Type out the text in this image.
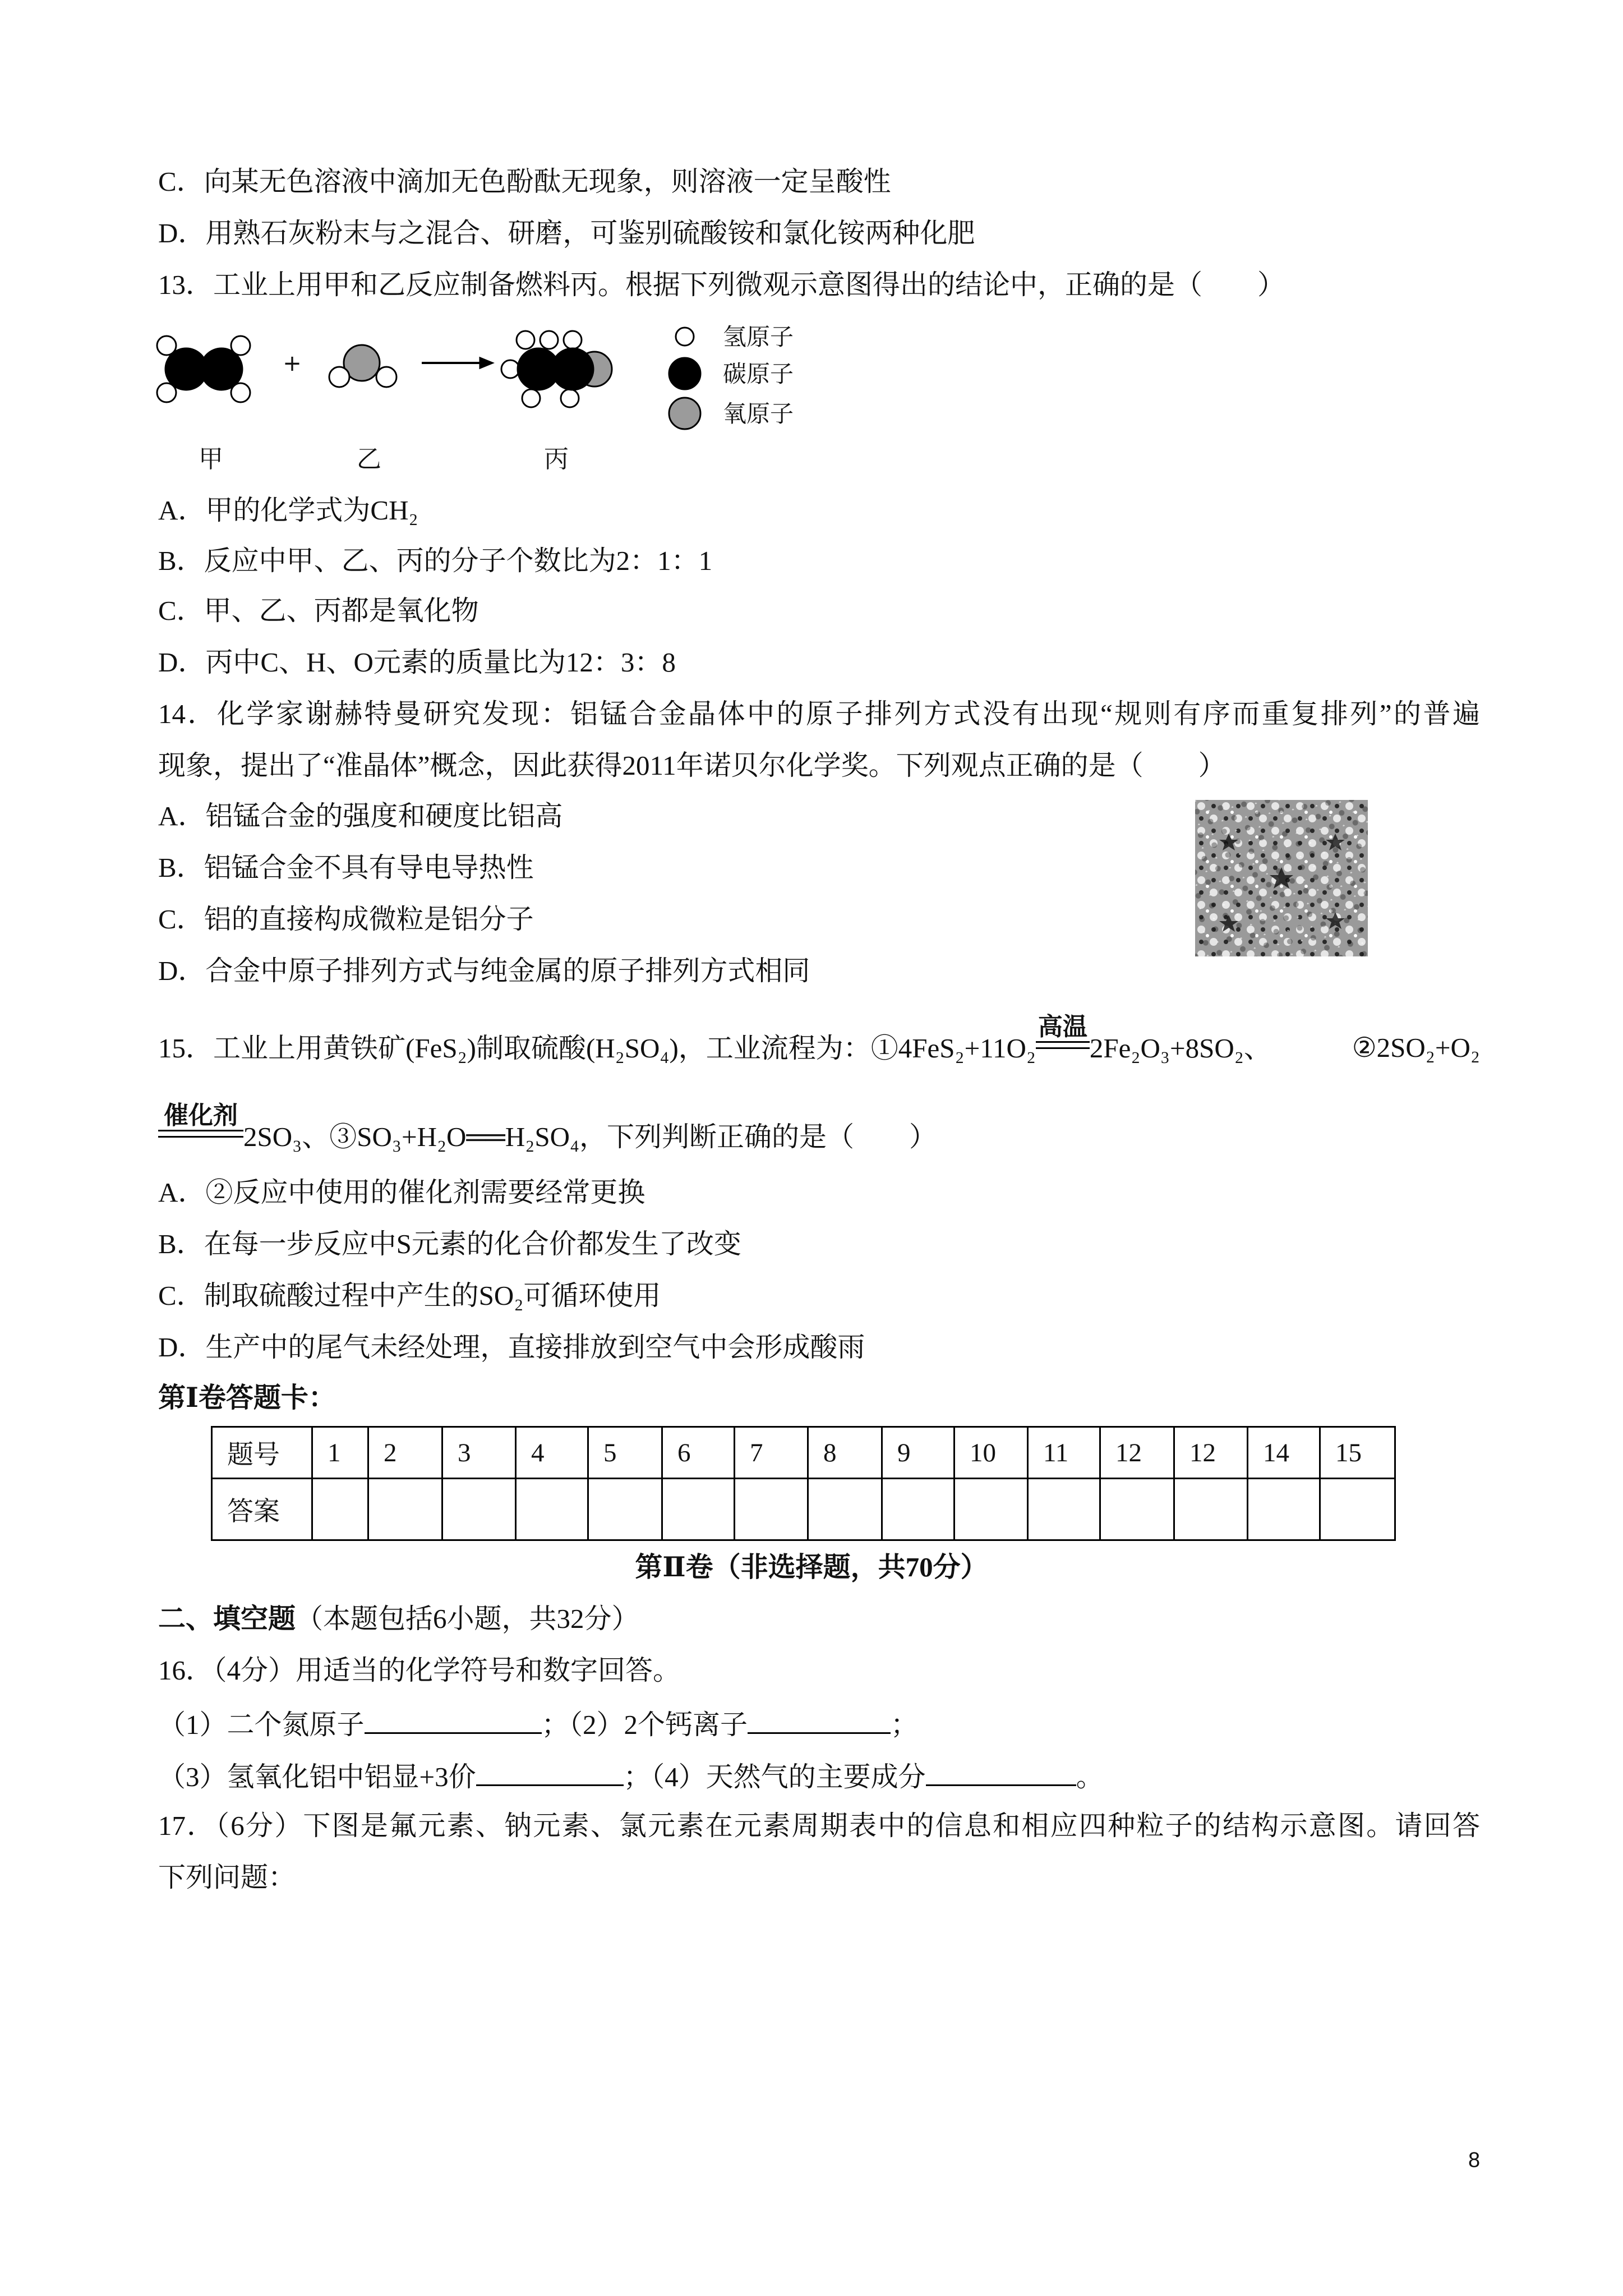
C．向某无色溶液中滴加无色酚酞无现象，则溶液一定呈酸性
D．用熟石灰粉末与之混合、研磨，可鉴别硫酸铵和氯化铵两种化肥
13．工业上用甲和乙反应制备燃料丙。根据下列微观示意图得出的结论中，正确的是（　　）
+
氢原子
碳原子
氧原子
甲	乙	丙
A．甲的化学式为CH₂
B．反应中甲、乙、丙的分子个数比为2：1：1
C．甲、乙、丙都是氧化物
D．丙中C、H、O元素的质量比为12：3：8
14．化学家谢赫特曼研究发现：铝锰合金晶体中的原子排列方式没有出现“规则有序而重复排列”的普遍
现象，提出了“准晶体”概念，因此获得2011年诺贝尔化学奖。下列观点正确的是（　　）
A．铝锰合金的强度和硬度比铝高
B．铝锰合金不具有导电导热性
C．铝的直接构成微粒是铝分子
D．合金中原子排列方式与纯金属的原子排列方式相同
15．工业上用黄铁矿(FeS₂)制取硫酸(H₂SO₄)，工业流程为：①4FeS₂+11O₂
高温
2Fe₂O₃+8SO₂、	②2SO₂+O₂
催化剂
2SO₃、③SO₃+H₂O══H₂SO₄，下列判断正确的是（　　）
A．②反应中使用的催化剂需要经常更换
B．在每一步反应中S元素的化合价都发生了改变
C．制取硫酸过程中产生的SO₂可循环使用
D．生产中的尾气未经处理，直接排放到空气中会形成酸雨
第Ⅰ卷答题卡：
题号	1	2	3	4	5	6	7	8	9	10	11	12	12	14	15
答案															
第Ⅱ卷（非选择题，共70分）
二、填空题（本题包括6小题，共32分）
16．（4分）用适当的化学符号和数字回答。
（1）二个氮原子	；（2）2个钙离子	；
（3）氢氧化铝中铝显+3价	；（4）天然气的主要成分	。
17．（6分）下图是氟元素、钠元素、氯元素在元素周期表中的信息和相应四种粒子的结构示意图。请回答
下列问题：
8
